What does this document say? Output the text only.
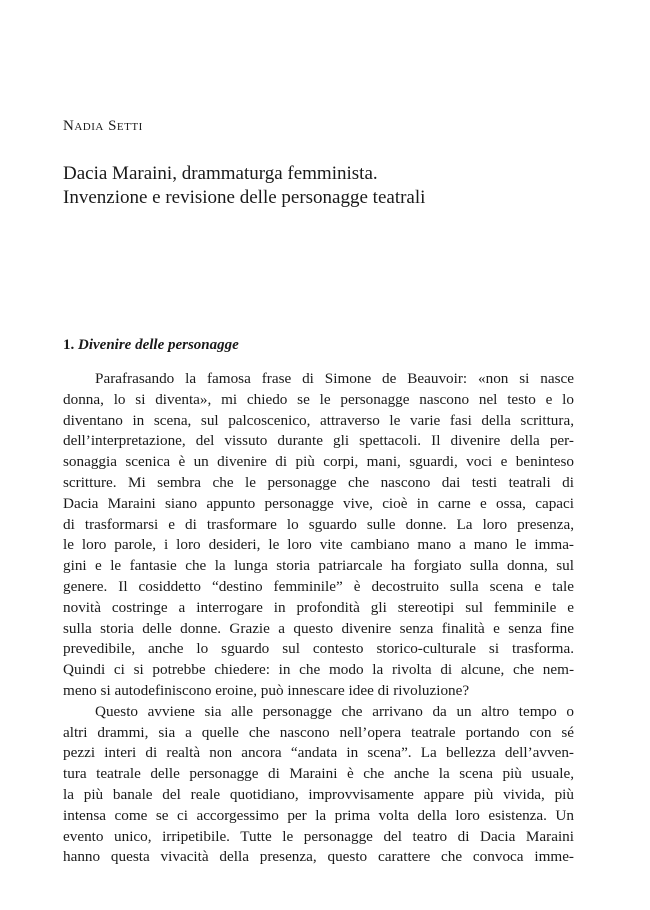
Nadia Setti
Dacia Maraini, drammaturga femminista.
Invenzione e revisione delle personagge teatrali
1. Divenire delle personagge
Parafrasando la famosa frase di Simone de Beauvoir: «non si nasce
donna, lo si diventa», mi chiedo se le personagge nascono nel testo e lo
diventano in scena, sul palcoscenico, attraverso le varie fasi della scrittura,
dell’interpretazione, del vissuto durante gli spettacoli. Il divenire della per-
sonaggia scenica è un divenire di più corpi, mani, sguardi, voci e beninteso
scritture. Mi sembra che le personagge che nascono dai testi teatrali di
Dacia Maraini siano appunto personagge vive, cioè in carne e ossa, capaci
di trasformarsi e di trasformare lo sguardo sulle donne. La loro presenza,
le loro parole, i loro desideri, le loro vite cambiano mano a mano le imma-
gini e le fantasie che la lunga storia patriarcale ha forgiato sulla donna, sul
genere. Il cosiddetto “destino femminile” è decostruito sulla scena e tale
novità costringe a interrogare in profondità gli stereotipi sul femminile e
sulla storia delle donne. Grazie a questo divenire senza finalità e senza fine
prevedibile, anche lo sguardo sul contesto storico-culturale si trasforma.
Quindi ci si potrebbe chiedere: in che modo la rivolta di alcune, che nem-
meno si autodefiniscono eroine, può innescare idee di rivoluzione?
Questo avviene sia alle personagge che arrivano da un altro tempo o
altri drammi, sia a quelle che nascono nell’opera teatrale portando con sé
pezzi interi di realtà non ancora “andata in scena”. La bellezza dell’avven-
tura teatrale delle personagge di Maraini è che anche la scena più usuale,
la più banale del reale quotidiano, improvvisamente appare più vivida, più
intensa come se ci accorgessimo per la prima volta della loro esistenza. Un
evento unico, irripetibile. Tutte le personagge del teatro di Dacia Maraini
hanno questa vivacità della presenza, questo carattere che convoca imme-
